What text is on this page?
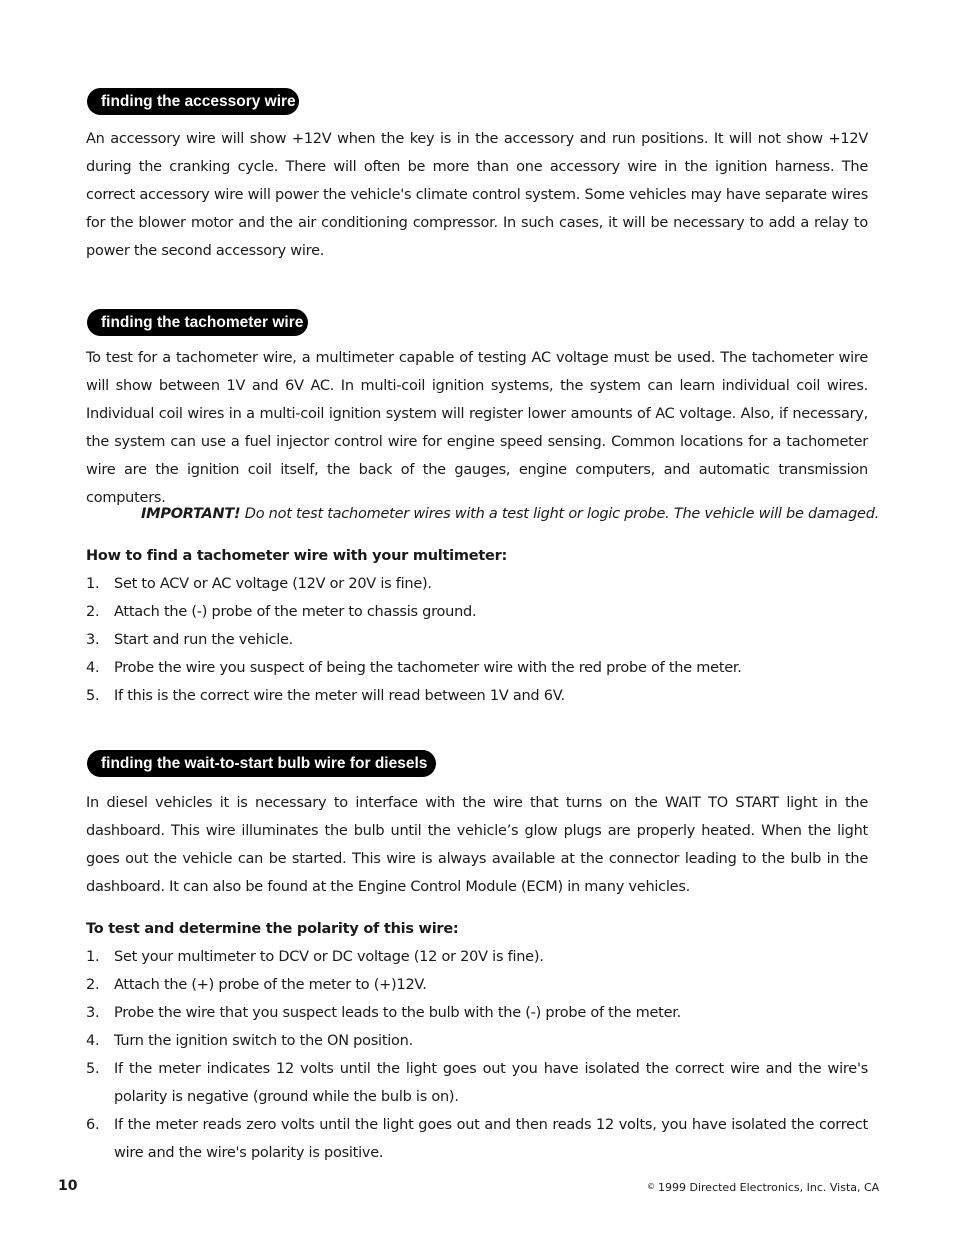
finding the accessory wire

An accessory wire will show +12V when the key is in the accessory and run positions. It will not show +12V during the cranking cycle. There will often be more than one accessory wire in the ignition harness. The correct accessory wire will power the vehicle's climate control system. Some vehicles may have separate wires for the blower motor and the air conditioning compressor. In such cases, it will be necessary to add a relay to power the second accessory wire.

finding the tachometer wire

To test for a tachometer wire, a multimeter capable of testing AC voltage must be used. The tachometer wire will show between 1V and 6V AC. In multi-coil ignition systems, the system can learn individual coil wires. Individual coil wires in a multi-coil ignition system will register lower amounts of AC voltage. Also, if necessary, the system can use a fuel injector control wire for engine speed sensing. Common locations for a tachometer wire are the ignition coil itself, the back of the gauges, engine computers, and automatic transmission computers.

IMPORTANT! Do not test tachometer wires with a test light or logic probe. The vehicle will be damaged.

How to find a tachometer wire with your multimeter:

1. Set to ACV or AC voltage (12V or 20V is fine).
2. Attach the (-) probe of the meter to chassis ground.
3. Start and run the vehicle.
4. Probe the wire you suspect of being the tachometer wire with the red probe of the meter.
5. If this is the correct wire the meter will read between 1V and 6V.
finding the wait-to-start bulb wire for diesels

In diesel vehicles it is necessary to interface with the wire that turns on the WAIT TO START light in the dashboard. This wire illuminates the bulb until the vehicle’s glow plugs are properly heated. When the light goes out the vehicle can be started. This wire is always available at the connector leading to the bulb in the dashboard. It can also be found at the Engine Control Module (ECM) in many vehicles.

To test and determine the polarity of this wire:

1. Set your multimeter to DCV or DC voltage (12 or 20V is fine).
2. Attach the (+) probe of the meter to (+)12V.
3. Probe the wire that you suspect leads to the bulb with the (-) probe of the meter.
4. Turn the ignition switch to the ON position.
5. If the meter indicates 12 volts until the light goes out you have isolated the correct wire and the wire's polarity is negative (ground while the bulb is on).
6. If the meter reads zero volts until the light goes out and then reads 12 volts, you have isolated the correct wire and the wire's polarity is positive.
10	© 1999 Directed Electronics, Inc. Vista, CA
